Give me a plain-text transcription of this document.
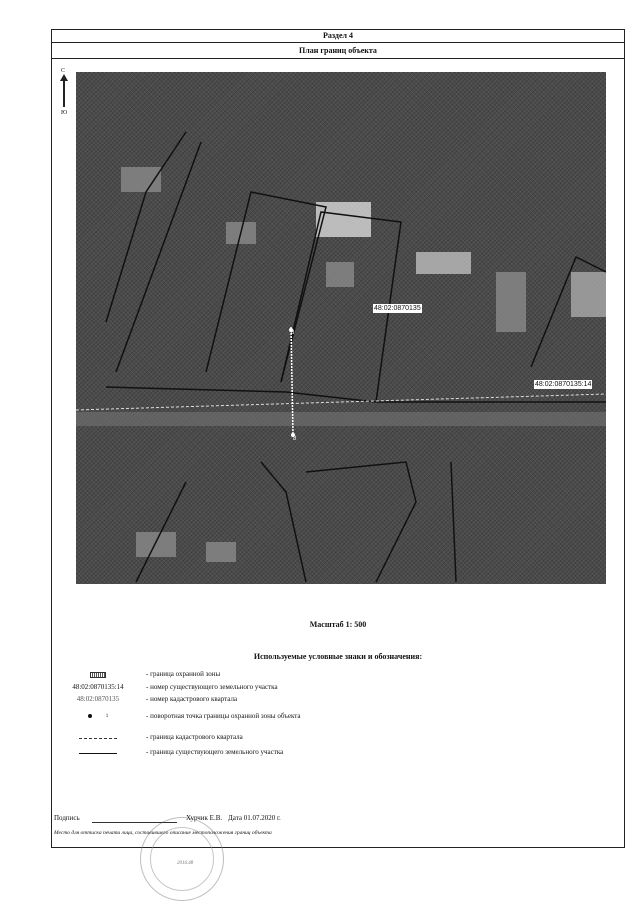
Раздел 4
План границ объекта
С
Ю
48:02:0870135
48:02:0870135:14
8
8
Масштаб 1: 500
Используемые условные знаки и обозначения:
- граница охранной зоны
48:02:0870135:14	- номер существующего земельного участка
48:02:0870135	- номер кадастрового квартала
1	- поворотная точка границы охранной зоны объекта
- граница кадастрового квартала
- граница существующего земельного участка
2016.48
Подпись	Хурчик Е.В. Дата 01.07.2020 г.
Место для оттиска печати лица, составившего описание местоположения границ объекта
